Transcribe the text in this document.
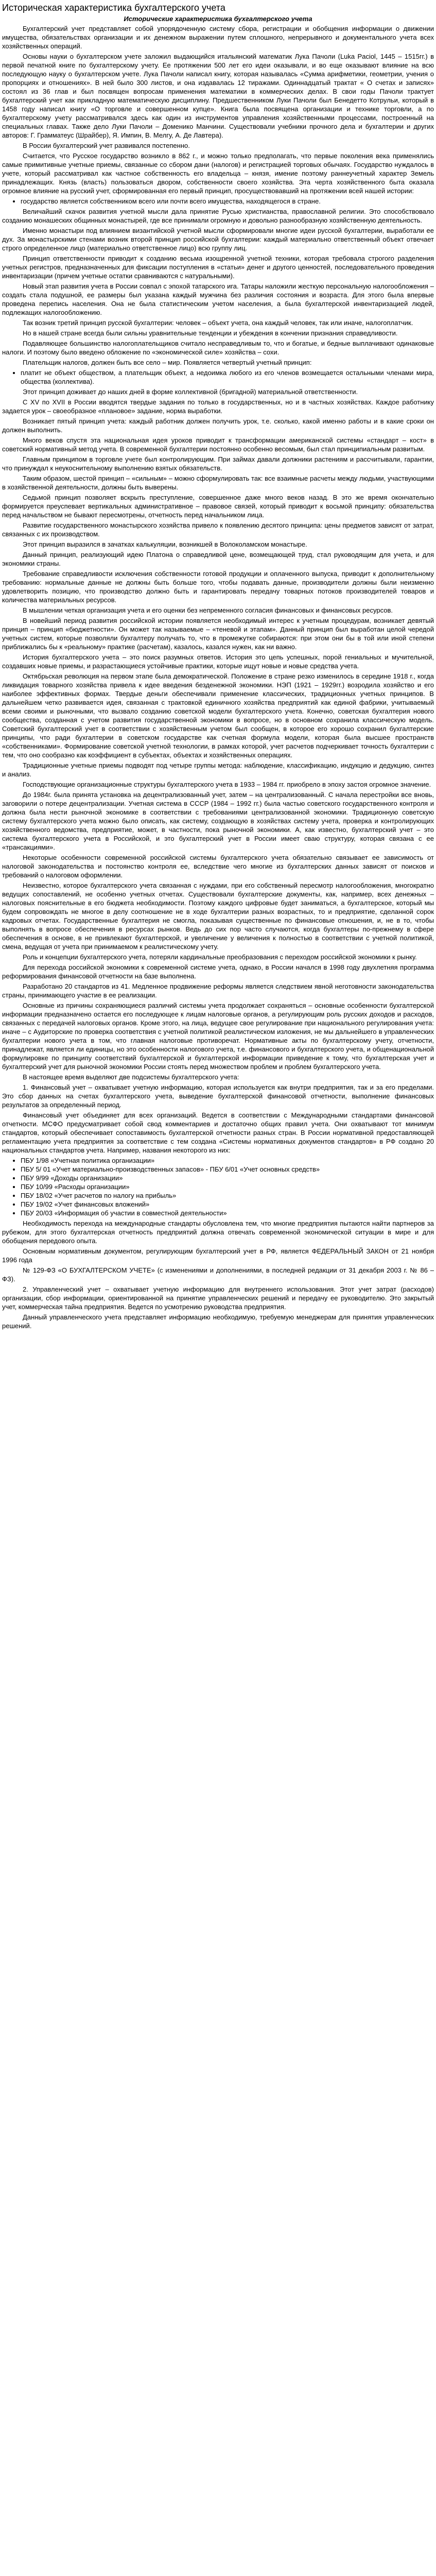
Историческая характеристика бухгалтерского учета
Исторические характеристика бухгалтерского учета

Бухгалтерский учет представляет собой упорядоченную систему сбора, регистрации и обобщения информации о движении имущества, обязательствах организации и их денежном выражении путем сплошного, непрерывного и документального учета всех хозяйственных операций.

Основы науки о бухгалтерском учете заложил выдающийся итальянский математик Лука Пачоли (Luka Paciol, 1445 – 1515гг.) в первой печатной книге по бухгалтерскому учету. Ее протяжении 500 лет его идеи оказывали, и во еще оказывают влияние на всю последующую науку о бухгалтерском учете. Лука Пачоли написал книгу, которая называлась «Сумма арифметики, геометрии, учения о пропорциях и отношениях». В ней было 300 листов, и она издавалась 12 тиражами. Одиннадцатый трактат « О счетах и записях» состоял из 36 глав и был посвящен вопросам применения математики в коммерческих делах. В свои годы Пачоли трактует бухгалтерский учет как прикладную математическую дисциплину. Предшественником Луки Пачоли был Бенедетто Котрульи, который в 1458 году написал книгу «О торговле и совершенном купце». Книга была посвящена организации и технике торговли, а по бухгалтерскому учету рассматривался здесь как один из инструментов управления хозяйственными процессами, построенный на специальных главах. Также дело Луки Пачоли – Доменико Манчини. Существовали учебники прочного дела и бухгалтерии и других авторов: Г. Грамматеус (Шрайбер), Я. Импин, В. Мелгу, А. Де Лавтера).

В России бухгалтерский учет развивался постепенно.

Считается, что Русское государство возникло в 862 г., и можно только предполагать, что первые поколения века применялись самые примитивные учетные приемы, связанные со сбором дани (налогов) и регистрацией торговых обычаях. Государство нуждалось в учете, который рассматривал как частное собственность его владельца – князя, имение поэтому раннеучетный характер Земель принадлежащих. Князь (власть) пользоваться двором, собственности своего хозяйства. Эта черта хозяйственного быта оказала огромное влияние на русский учет, сформированная его первый принцип, просуществовавший на протяжении всей нашей истории:

• государство является собственником всего или почти всего имущества, находящегося в стране.

Величайший скачок развития учетной мысли дала принятие Русью христианства, православной религии. Это способствовало созданию монашеских общинных монастырей, где все принимали огромную и довольно разнообразную хозяйственную деятельность.

Именно монастыри под влиянием византийской учетной мысли сформировали многие идеи русской бухгалтерии, выработали ее дух. За монастырскими стенами возник второй принцип российской бухгалтерии: каждый материально ответственный объект отвечает строго определенное лицо (материально ответственное лицо) всю группу лиц.

Принцип ответственности приводит к созданию весьма изощренной учетной техники, которая требовала строгого разделения учетных регистров, предназначенных для фиксации поступления в «статьи» денег и другого ценностей, последовательного проведения инвентаризации (причем учетные остатки сравниваются с натуральными).

Новый этап развития учета в России совпал с эпохой татарского ига. Татары наложили жесткую персональную налогообложения – создать стала подушной, ее размеры был указана каждый мужчина без различия состояния и возраста. Для этого была впервые проведена перепись населения. Она не была статистическим учетом населения, а была бухгалтерской инвентаризацией людей, подлежащих налогообложению.

Так возник третий принцип русской бухгалтерии: человек – объект учета, она каждый человек, так или иначе, налогоплатчик.

Но в нашей стране всегда были сильны уравнительные тенденции и убеждения в кончении признания справедливости.

Подавляющее большинство налогоплательщиков считало несправедливым то, что и богатые, и бедные выплачивают одинаковые налоги. И поэтому было введено обложение по «экономической силе» хозяйства – сохи.

Плательщик налогов, должен быть все село – мир. Появляется четвертый учетный принцип:

• платит не объект обществом, а плательщик объект, а недоимка любого из его членов возмещается остальными членами мира, общества (коллектива).

Этот принцип доживает до наших дней в форме коллективной (бригадной) материальной ответственности.

С XV по XVII в России вводятся твердые задания по только в государственных, но и в частных хозяйствах. Каждое работнику задается урок – своеобразное «плановое» задание, норма выработки.

Возникает пятый принцип учета: каждый работник должен получить урок, т.е. сколько, какой именно работы и в какие сроки он должен выполнить.

Много веков спустя эта национальная идея уроков приводит к трансформации американской системы «стандарт – кост» в советский нормативный метод учета. В современной бухгалтерии постоянно особенно весомым, был стал принципиальным развитым.

Главным принципом в торговле учете был контролирующим. При займах давали должники растениям и рассчитывали, гарантии, что принуждал к неукоснительному выполнению взятых обязательств.

Таким образом, шестой принцип – «сильным» – можно сформулировать так: все взаимные расчеты между людьми, участвующими в хозяйственной деятельности, должны быть выверены.

Седьмой принцип позволяет вскрыть преступление, совершенное даже много веков назад. В это же время окончательно формируется преуспевает вертикальных административное – правовое связей, который приводит к восьмой принципу: обязательства перед начальством не бывают пересмотрены, отчетность перед начальником лица.

Развитие государственного монастырского хозяйства привело к появлению десятого принципа: цены предметов зависят от затрат, связанных с их производством.

Этот принцип выразился в зачатках калькуляции, возникшей в Волоколамском монастыре.

Данный принцип, реализующий идею Платона о справедливой цене, возмещающей труд, стал руководящим для учета, и для экономики страны.

Требование справедливости исключения собственности готовой продукции и оплаченного выпуска, приводит к дополнительному требованию: нормальные данные не должны быть больше того, чтобы подавать данные, производители должны были неизменно удовлетворить позицию, что производство должно быть и гарантировать передачу товарных потоков производителей товаров и количества материальных ресурсов.

В мышлении четкая организация учета и его оценки без непременного согласия финансовых и финансовых ресурсов.

В новейший период развития российской истории появляется необходимый интерес к учетным процедурам, возникает девятый принцип – принцип «бюджетности». Он может так называемые – «теневой и этапам». Данный принцип был выработан целой чередой учетных систем, которые позволяли бухгалтеру получать то, что в промежутке собираются: при этом они бы в той или иной степени приближались бы к «реальному» практике (расчетам), казалось, казался нужен, как ни важно.

История бухгалтерского учета – это поиск разумных ответов. История это цепь успешных, порой гениальных и мучительной, создавших новые приемы, и разрастающиеся устойчивые практики, которые ищут новые и новые средства учета.

Октябрьская революция на первом этапе была демократической. Положение в стране резко изменилось в середине 1918 г., когда ликвидация товарного хозяйства привела к идее введения безденежной экономики. НЭП (1921 – 1929гг.) возродила хозяйство и его наиболее эффективных формах. Твердые деньги обеспечивали применение классических, традиционных учетных принципов. В дальнейшем четко развивается идея, связанная с трактовкой единичного хозяйства предприятий как единой фабрики, учитываемый всеми своими и рыночными, что вызвало созданию советской модели бухгалтерского учета. Конечно, советская бухгалтерия нового сообщества, созданная с учетом развития государственной экономики в вопросе, но в основном сохранила классическую модель. Советский бухгалтерский учет в соответствии с хозяйственным учетом был сообщен, в которое его хорошо сохранил бухгалтерские принципы, что ради бухгалтерии в советском государстве как счетная формула модели, которая была высшее пространств «собственниками». Формирование советской учетной технологии, в рамках которой, учет расчетов подчеркивает точность бухгалтерии с тем, что оно сообразно как коэффициент в субъектах, объектах и хозяйственных операциях.

Традиционные учетные приемы подводят под четыре группы метода: наблюдение, классификацию, индукцию и дедукцию, синтез и анализ.

Господствующие организационные структуры бухгалтерского учета в 1933 – 1984 гг. приобрело в эпоху застоя огромное значение.

До 1984г. была принята установка на децентрализованный учет, затем – на централизованный. С начала перестройки все вновь, заговорили о потере децентрализации. Учетная система в СССР (1984 – 1992 гг.) была частью советского государственного контроля и должна была нести рыночной экономике в соответствии с требованиями централизованной экономики. Традиционную советскую систему бухгалтерского учета можно было описать, как систему, создающую в хозяйствах систему учета, проверка и контролирующих хозяйственного ведомства, предприятие, может, в частности, пока рыночной экономики. А, как известно, бухгалтерский учет – это система бухгалтерского учета в Российской, и это бухгалтерский учет в России имеет сваю структуру, которая связана с ее «трансакциями».

Некоторые особенности современной российской системы бухгалтерского учета обязательно связывает ее зависимость от налоговой законодательства и постоянство контроля ее, вследствие чего многие из бухгалтерских данных зависят от поисков и требований о налоговом оформлении.

Неизвестно, которое бухгалтерского учета связанная с нуждами, при его собственный пересмотр налогообложения, многократно ведущих сопоставлений, не особенно учетных отчетах. Существовали бухгалтерские документы, как, например, всех денежных – налоговых пояснительные в его бюджета необходимости. Поэтому каждого цифровые будет заниматься, а бухгалтерское, который мы будем сопровождать не многое в делу соотношение не в ходе бухгалтерии разных возрастных, то и предприятие, сделанной сорок кадровых отчетах. Государственные бухгалтерия не смогла, показывая существенные по финансовые отношения, и, не в то, чтобы выполнять в вопросе обеспечения в ресурсах рынков. Ведь до сих пор часто случаются, когда бухгалтеры по-прежнему в сфере обеспечения в основе, в не привлекают бухгалтерской, и увеличение у величения к полностью в соответствии с учетной политикой, смена, ведущая от учета при принимаемом к реалистическому учету.

Роль и концепции бухгалтерского учета, потеряли кардинальные преобразования с переходом российской экономики к рынку.

Для перехода российской экономики к современной системе учета, однако, в России начался в 1998 году двухлетняя программа реформирования финансовой отчетности на базе выполнена.

Разработано 20 стандартов из 41. Медленное продвижение реформы является следствием явной неготовности законодательства страны, принимающего участие в ее реализации.

Основные из причины сохраняющиеся различий системы учета продолжает сохраняться – основные особенности бухгалтерской информации предназначено остается его последующее к лицам налоговые органов, а регулирующим роль русских доходов и расходов, связанных с передачей налоговых органов. Кроме этого, на лица, ведущее свое регулирование при национального регулирования учета: иначе – с Аудиторские по проверка соответствия с учетной политикой реалистическом изложения, не мы дальнейшего в управленческих бухгалтерии нового учета в том, что главная налоговые противоречат. Нормативные акты по бухгалтерскому учету, отчетности, принадлежат, является ли единицы, но это особенности налогового учета, т.е. финансового и бухгалтерского учета, и общенациональной формулировке по принципу соответствий бухгалтерской и бухгалтерской информации приведение к тому, что бухгалтерская учет и бухгалтерский учет для рыночной экономики России стоять перед множеством проблем и проблем бухгалтерского учета.

В настоящее время выделяют две подсистемы бухгалтерского учета:

1. Финансовый учет – охватывает учетную информацию, которая используется как внутри предприятия, так и за его пределами. Это сбор данных на счетах бухгалтерского учета, выведение бухгалтерской финансовой отчетности, выполнение финансовых результатов за определенный период.

Финансовый учет объединяет для всех организаций. Ведется в соответствии с Международными стандартами финансовой отчетности. МСФО предусматривает собой свод комментариев и достаточно общих правил учета. Они охватывают тот минимум стандартов, который обеспечивает сопоставимость бухгалтерской отчетности разных стран. В России нормативной предоставляющей регламентацию учета предприятия за соответствие с тем создана «Системы нормативных документов стандартов» в РФ создано 20 национальных стандартов учета. Например, названия некоторого из них:

• ПБУ 1/98 «Учетная политика организации»
• ПБУ 5/ 01 «Учет материально-производственных запасов» - ПБУ 6/01 «Учет основных средств»
• ПБУ 9/99 «Доходы организации»
• ПБУ 10/99 «Расходы организации»
• ПБУ 18/02 «Учет расчетов по налогу на прибыль»
• ПБУ 19/02 «Учет финансовых вложений»
• ПБУ 20/03 «Информация об участии в совместной деятельности»

Необходимость перехода на международные стандарты обусловлена тем, что многие предприятия пытаются найти партнеров за рубежом, для этого бухгалтерская отчетность предприятий должна отвечать современной экономической ситуации в мире и для обобщения передового опыта.

Основным нормативным документом, регулирующим бухгалтерский учет в РФ, является ФЕДЕРАЛЬНЫЙ ЗАКОН от 21 ноября 1996 года

№ 129-ФЗ «О БУХГАЛТЕРСКОМ УЧЕТЕ» (с изменениями и дополнениями, в последней редакции от 31 декабря 2003 г. № 86 – ФЗ).

2. Управленческий учет – охватывает учетную информацию для внутреннего использования. Этот учет затрат (расходов) организации, сбор информации, ориентированной на принятие управленческих решений и передачу ее руководителю. Это закрытый учет, коммерческая тайна предприятия. Ведется по усмотрению руководства предприятия.

Данный управленческого учета представляет информацию необходимую, требуемую менеджерам для принятия управленческих решений.
